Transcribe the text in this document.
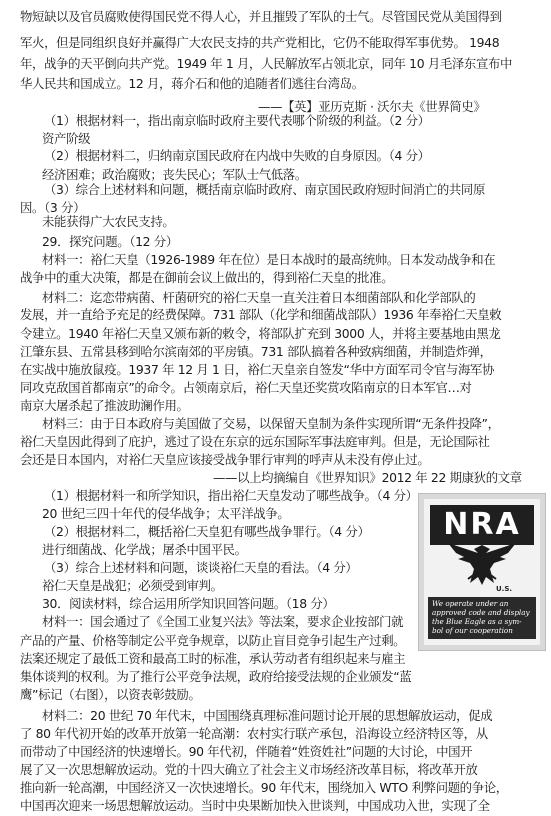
物短缺以及官员腐败使得国民党不得人心，并且摧毁了军队的士气。尽管国民党从美国得到
军火，但是同组织良好并赢得广大农民支持的共产党相比，它仍不能取得军事优势。 1948
年，战争的天平倒向共产党。1949 年 1 月，人民解放军占领北京，同年 10 月毛泽东宣布中
华人民共和国成立。12 月，蒋介石和他的追随者们逃往台湾岛。
——【英】亚历克斯 · 沃尔夫《世界简史》
（1）根据材料一，指出南京临时政府主要代表哪个阶级的利益。（2 分）
资产阶级
（2）根据材料二，归纳南京国民政府在内战中失败的自身原因。（4 分）
经济困难；政治腐败；丧失民心；军队士气低落。
（3）综合上述材料和问题，概括南京临时政府、南京国民政府短时间消亡的共同原
因。（3 分）
未能获得广大农民支持。
29．探究问题。（12 分）
材料一：裕仁天皇（1926-1989 年在位）是日本战时的最高统帅。日本发动战争和在
战争中的重大决策，都是在御前会议上做出的，得到裕仁天皇的批准。
材料二：迄恋带病菌、杆菌研究的裕仁天皇一直关注着日本细菌部队和化学部队的
发展，并一直给予充足的经费保障。731 部队（化学和细菌战部队）1936 年奉裕仁天皇敕
令建立。1940 年裕仁天皇又颁布新的敕令，将部队扩充到 3000 人，并将主要基地由黑龙
江肇东县、五常县移到哈尔滨南郊的平房镇。731 部队搞着各种致病细菌，并制造炸弹，
在实战中施放鼠疫。1937 年 12 月 1 日，裕仁天皇亲自签发“华中方面军司令官与海军协
同攻克敌国首都南京”的命令。占领南京后，裕仁天皇还奖赏攻陷南京的日本军官…对
南京大屠杀起了推波助澜作用。
材料三：由于日本政府与美国做了交易，以保留天皇制为条件实现所谓“无条件投降”，
裕仁天皇因此得到了庇护，逃过了设在东京的远东国际军事法庭审判。但是，无论国际社
会还是日本国内，对裕仁天皇应该接受战争罪行审判的呼声从未没有停止过。
——以上均摘编自《世界知识》2012 年 22 期康狄的文章
（1）根据材料一和所学知识，指出裕仁天皇发动了哪些战争。（4 分）
20 世纪三四十年代的侵华战争；太平洋战争。
（2）根据材料二，概括裕仁天皇犯有哪些战争罪行。（4 分）
进行细菌战、化学战；屠杀中国平民。
（3）综合上述材料和问题，谈谈裕仁天皇的看法。（4 分）
裕仁天皇是战犯；必须受到审判。
30．阅读材料，综合运用所学知识回答问题。（18 分）
材料一：国会通过了《全国工业复兴法》等法案，要求企业按部门就
产品的产量、价格等制定公平竞争规章，以防止盲目竞争引起生产过剩。
法案还规定了最低工资和最高工时的标准，承认劳动者有组织起来与雇主
集体谈判的权利。为了推行公平竞争法规，政府给接受法规的企业颁发“蓝
鹰”标记（右图），以资表彰鼓励。
材料二：20 世纪 70 年代末，中国围绕真理标准问题讨论开展的思想解放运动，促成
了 80 年代初开始的改革开放第一轮高潮：农村实行联产承包，沿海设立经济特区等，从
而带动了中国经济的快速增长。90 年代初，伴随着“姓资姓社”问题的大讨论，中国开
展了又一次思想解放运动。党的十四大确立了社会主义市场经济改革目标，将改革开放
推向新一轮高潮，中国经济又一次快速增长。90 年代末，围绕加入 WTO 利弊问题的争论，
中国再次迎来一场思想解放运动。当时中央果断加快入世谈判，中国成功入世，实现了全
NRA
U.S.
We operate under an
approved code and display
the Blue Eagle as a sym-
bol of our cooperation
